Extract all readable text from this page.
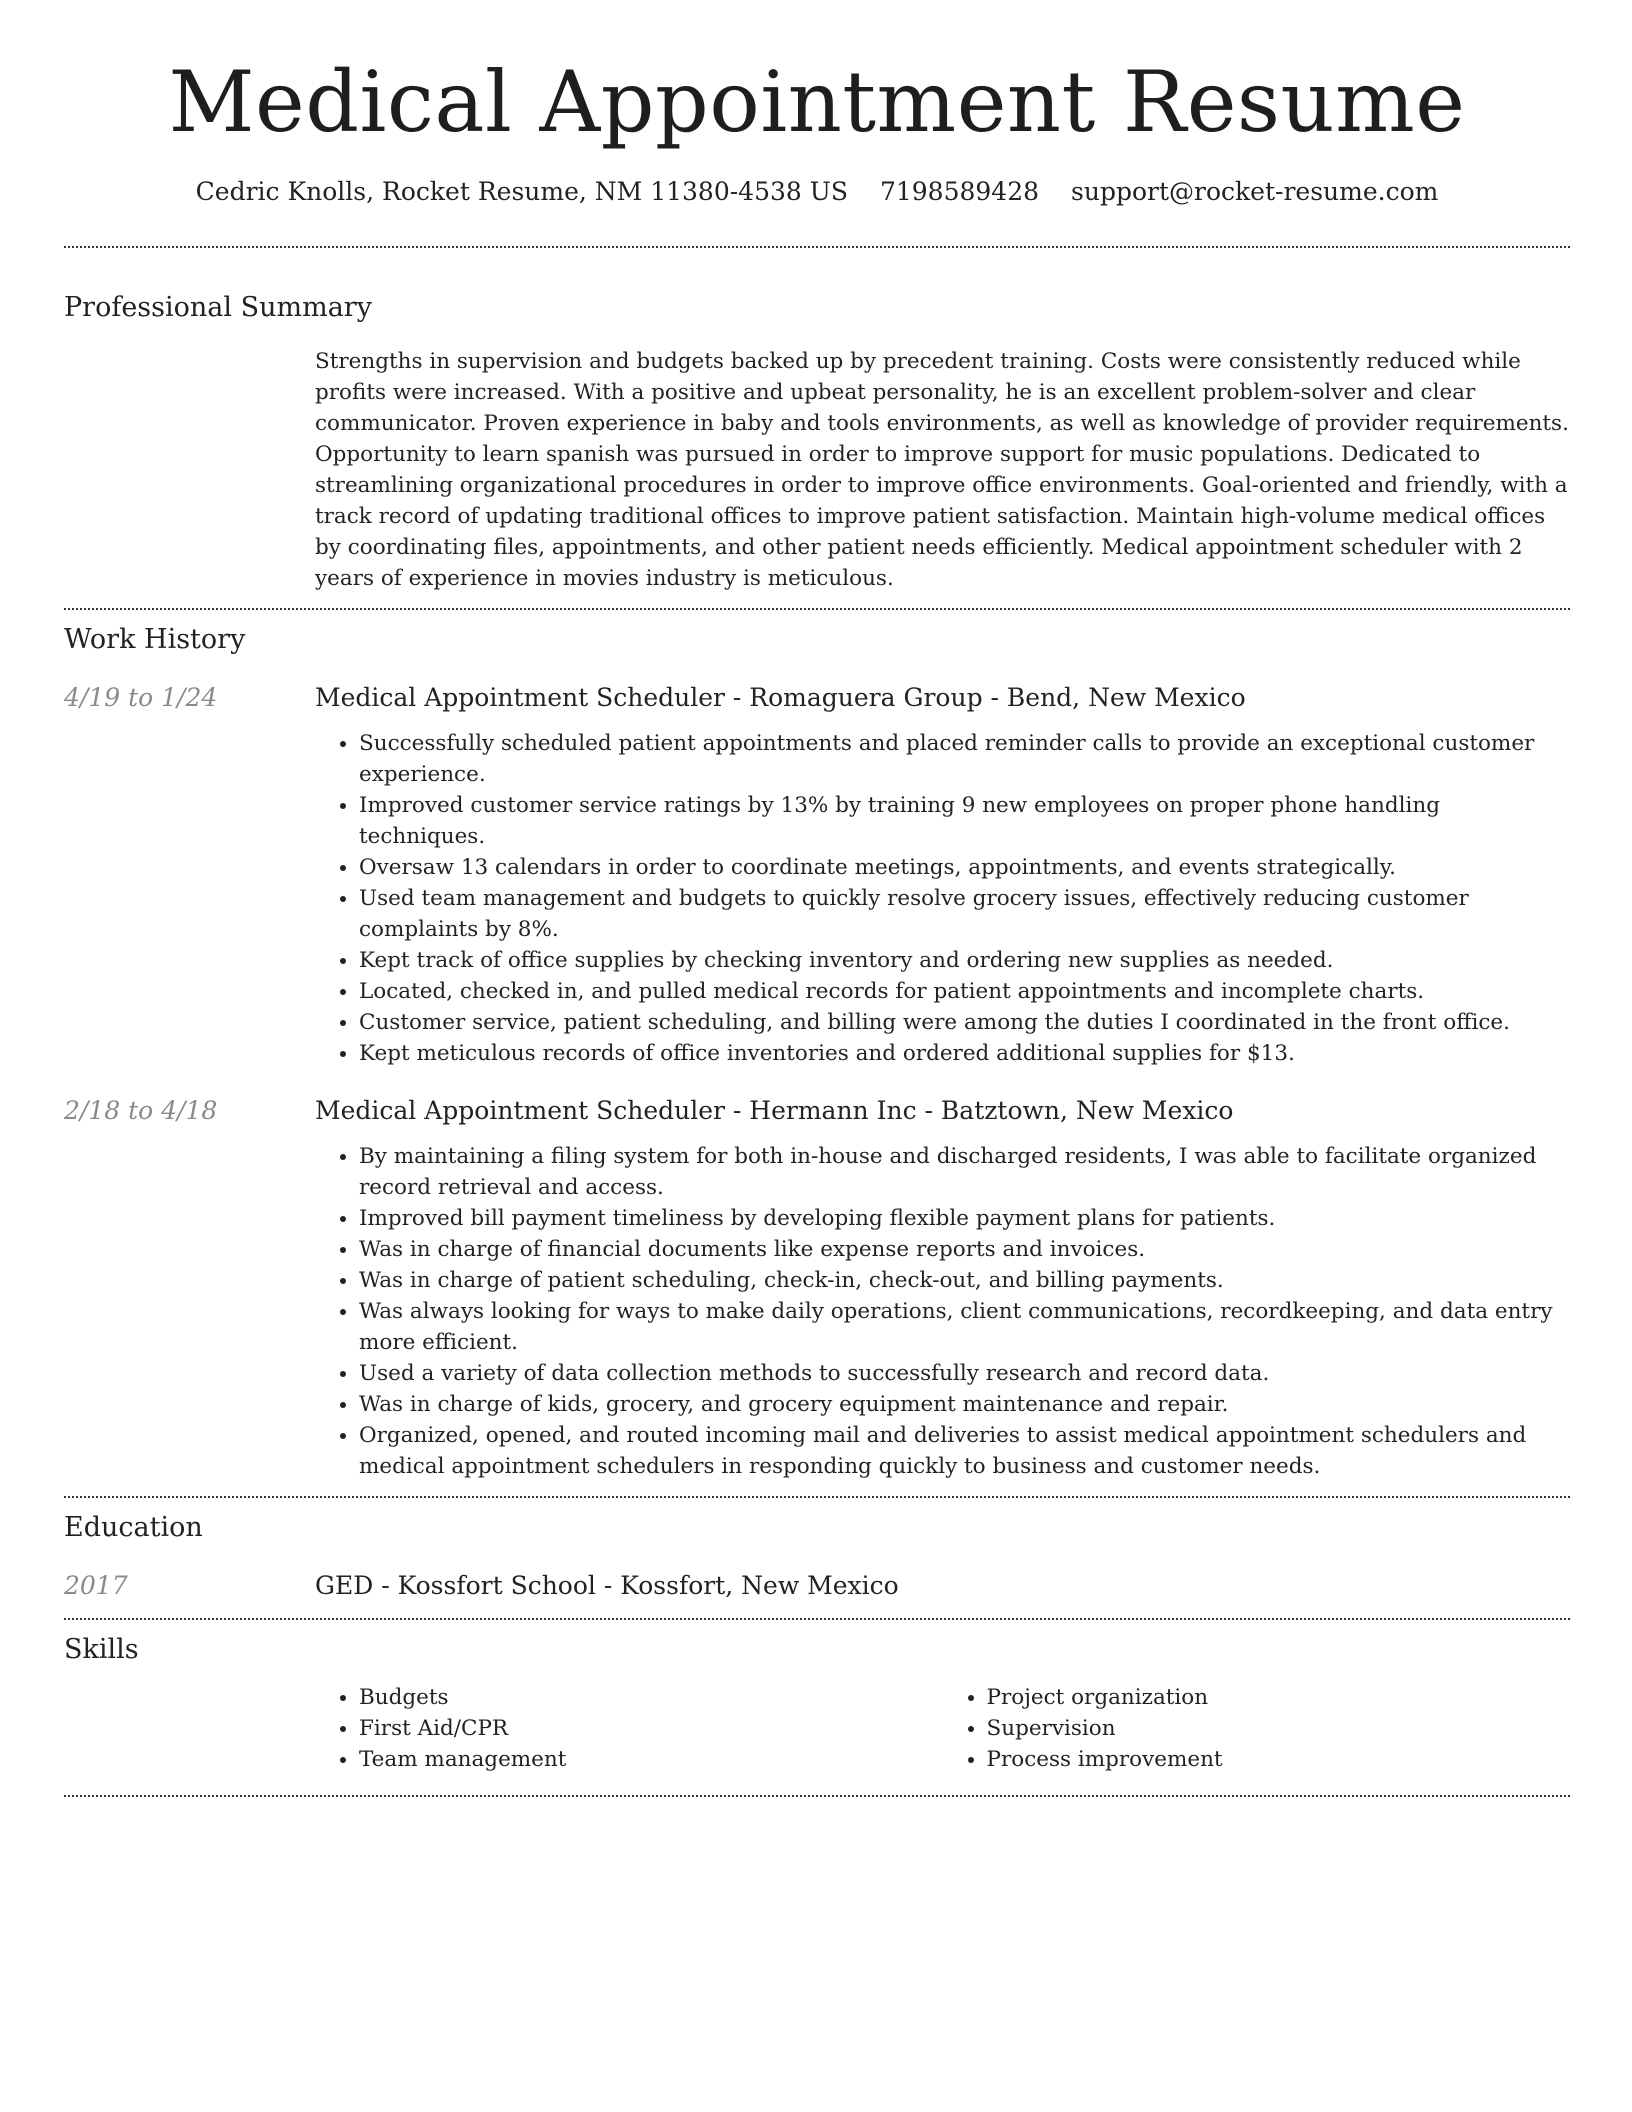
Medical Appointment Resume
Cedric Knolls, Rocket Resume, NM 11380-4538 US 7198589428 support@rocket-resume.com
Professional Summary
Strengths in supervision and budgets backed up by precedent training. Costs were consistently reduced while profits were increased. With a positive and upbeat personality, he is an excellent problem-solver and clear communicator. Proven experience in baby and tools environments, as well as knowledge of provider requirements. Opportunity to learn spanish was pursued in order to improve support for music populations. Dedicated to streamlining organizational procedures in order to improve office environments. Goal-oriented and friendly, with a track record of updating traditional offices to improve patient satisfaction. Maintain high-volume medical offices by coordinating files, appointments, and other patient needs efficiently. Medical appointment scheduler with 2 years of experience in movies industry is meticulous.
Work History
4/19 to 1/24	Medical Appointment Scheduler - Romaguera Group - Bend, New Mexico
• Successfully scheduled patient appointments and placed reminder calls to provide an exceptional customer experience.
• Improved customer service ratings by 13% by training 9 new employees on proper phone handling techniques.
• Oversaw 13 calendars in order to coordinate meetings, appointments, and events strategically.
• Used team management and budgets to quickly resolve grocery issues, effectively reducing customer complaints by 8%.
• Kept track of office supplies by checking inventory and ordering new supplies as needed.
• Located, checked in, and pulled medical records for patient appointments and incomplete charts.
• Customer service, patient scheduling, and billing were among the duties I coordinated in the front office.
• Kept meticulous records of office inventories and ordered additional supplies for $13.
2/18 to 4/18	Medical Appointment Scheduler - Hermann Inc - Batztown, New Mexico
• By maintaining a filing system for both in-house and discharged residents, I was able to facilitate organized record retrieval and access.
• Improved bill payment timeliness by developing flexible payment plans for patients.
• Was in charge of financial documents like expense reports and invoices.
• Was in charge of patient scheduling, check-in, check-out, and billing payments.
• Was always looking for ways to make daily operations, client communications, recordkeeping, and data entry more efficient.
• Used a variety of data collection methods to successfully research and record data.
• Was in charge of kids, grocery, and grocery equipment maintenance and repair.
• Organized, opened, and routed incoming mail and deliveries to assist medical appointment schedulers and medical appointment schedulers in responding quickly to business and customer needs.
Education
2017	GED - Kossfort School - Kossfort, New Mexico
Skills
• Budgets
• First Aid/CPR
• Team management
• Project organization
• Supervision
• Process improvement
